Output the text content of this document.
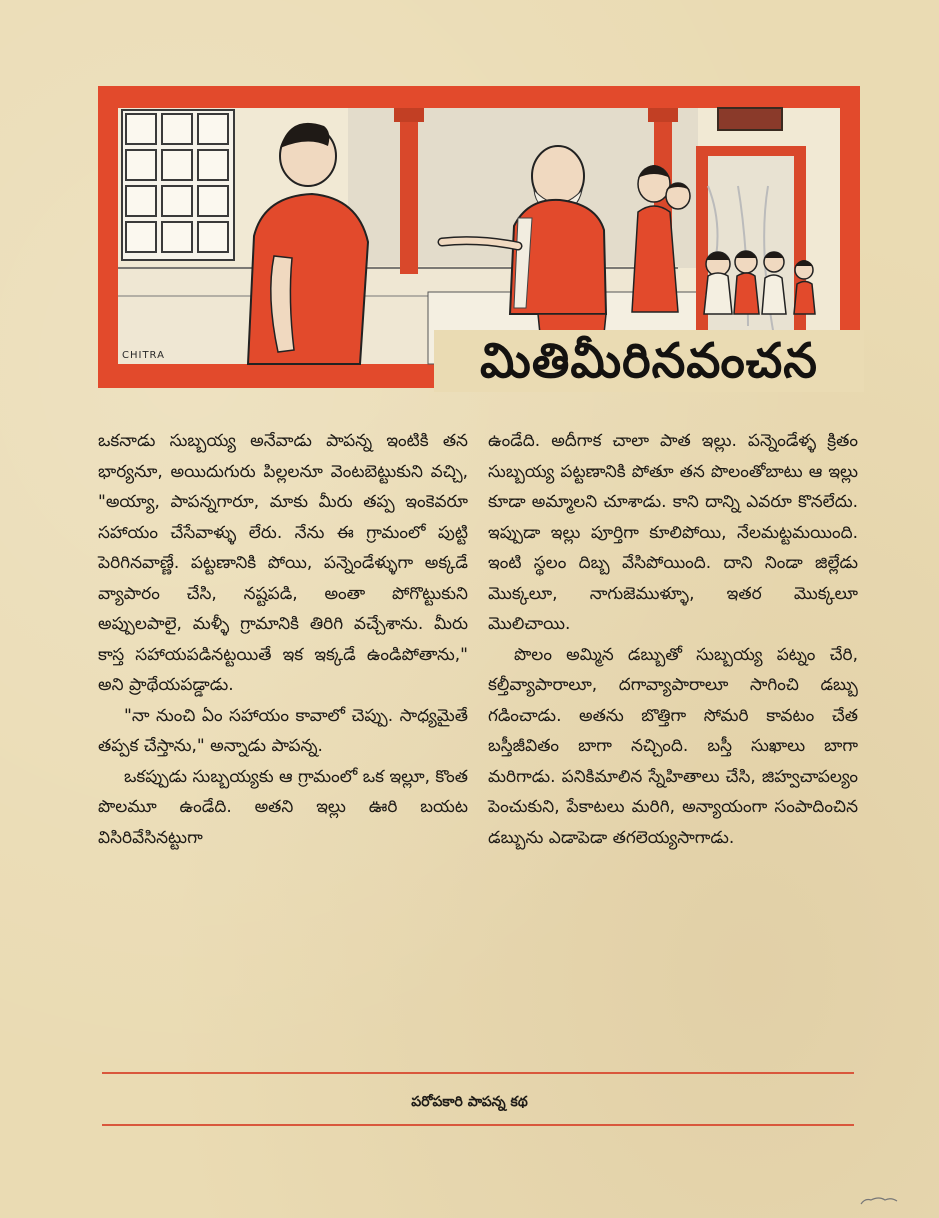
CHITRA	మితిమీరినవంచన

ఒకనాడు సుబ్బయ్య అనేవాడు పాపన్న ఇంటికి తన భార్యనూ, అయిదుగురు పిల్లలనూ వెంటబెట్టుకుని వచ్చి, "అయ్యా, పాపన్నగారూ, మాకు మీరు తప్ప ఇంకెవరూ సహాయం చేసేవాళ్ళు లేరు. నేను ఈ గ్రామంలో పుట్టి పెరిగినవాణ్ణే. పట్టణానికి పోయి, పన్నెండేళ్ళుగా అక్కడే వ్యాపారం చేసి, నష్టపడి, అంతా పోగొట్టుకుని అప్పులపాలై, మళ్ళీ గ్రామానికి తిరిగి వచ్చేశాను. మీరు కాస్త సహాయపడినట్టయితే ఇక ఇక్కడే ఉండిపోతాను," అని ప్రాథేయపడ్డాడు.

"నా నుంచి ఏం సహాయం కావాలో చెప్పు. సాధ్యమైతే తప్పక చేస్తాను," అన్నాడు పాపన్న.

ఒకప్పుడు సుబ్బయ్యకు ఆ గ్రామంలో ఒక ఇల్లూ, కొంత పొలమూ ఉండేది. అతని ఇల్లు ఊరి బయట విసిరివేసినట్టుగా

ఉండేది. అదీగాక చాలా పాత ఇల్లు. పన్నెండేళ్ళ క్రితం సుబ్బయ్య పట్టణానికి పోతూ తన పొలంతోబాటు ఆ ఇల్లు కూడా అమ్మాలని చూశాడు. కాని దాన్ని ఎవరూ కొనలేదు. ఇప్పుడా ఇల్లు పూర్తిగా కూలిపోయి, నేలమట్టమయింది. ఇంటి స్థలం దిబ్బ వేసిపోయింది. దాని నిండా జిల్లేడు మొక్కలూ, నాగుజెముళ్ళూ, ఇతర మొక్కలూ మొలిచాయి.

పొలం అమ్మిన డబ్బుతో సుబ్బయ్య పట్నం చేరి, కల్తీవ్యాపారాలూ, దగావ్యాపారాలూ సాగించి డబ్బు గడించాడు. అతను బొత్తిగా సోమరి కావటం చేత బస్తీజీవితం బాగా నచ్చింది. బస్తీ సుఖాలు బాగా మరిగాడు. పనికిమాలిన స్నేహితాలు చేసి, జిహ్వచాపల్యం పెంచుకుని, పేకాటలు మరిగి, అన్యాయంగా సంపాదించిన డబ్బును ఎడాపెడా తగలెయ్యసాగాడు.

పరోపకారి పాపన్న కథ
